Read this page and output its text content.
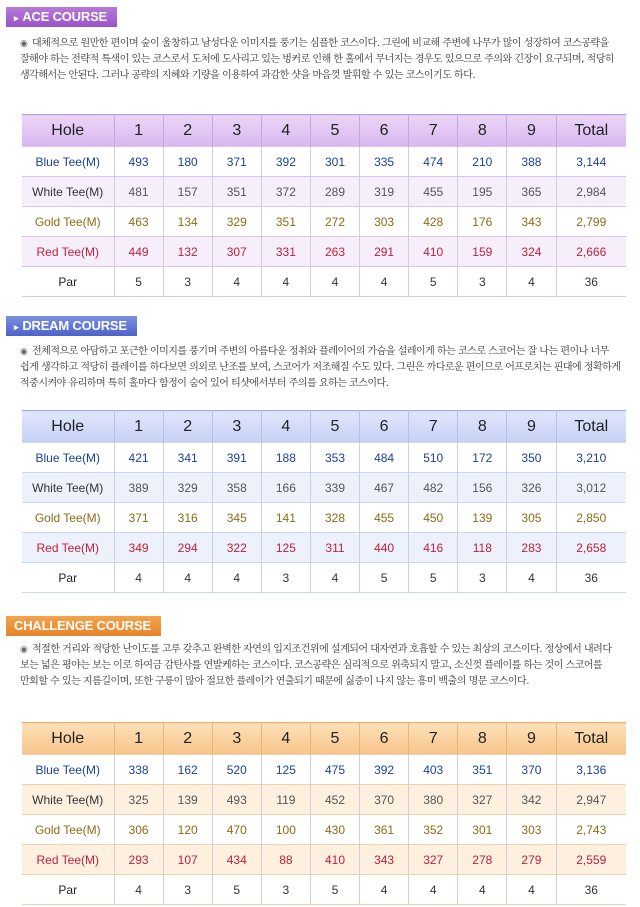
▸ ACE COURSE
◉ 대체적으로 원만한 편이며 숲이 울창하고 남성다운 이미지를 풍기는 심플한 코스이다. 그린에 비교해 주변에 나무가 많이 성장하여 코스공략을 잘해야 하는 전략적 특색이 있는 코스로서 도처에 도사리고 있는 벙커로 인해 한 홀에서 무너지는 경우도 있으므로 주의와 긴장이 요구되며, 적당히 생각해서는 안된다. 그러나 공략의 지혜와 기량을 이용하여 과감한 샷을 마음껏 발휘할 수 있는 코스이기도 하다.
Hole	1	2	3	4	5	6	7	8	9	Total
Blue Tee(M)	493	180	371	392	301	335	474	210	388	3,144
White Tee(M)	481	157	351	372	289	319	455	195	365	2,984
Gold Tee(M)	463	134	329	351	272	303	428	176	343	2,799
Red Tee(M)	449	132	307	331	263	291	410	159	324	2,666
Par	5	3	4	4	4	4	5	3	4	36
▸ DREAM COURSE
◉ 전체적으로 아담하고 포근한 이미지를 풍기며 주변의 아름다운 정취와 플레이어의 가슴을 설레이게 하는 코스로 스코어는 잘 나는 편이나 너무 쉽게 생각하고 적당히 플레이를 하다보면 의외로 난조를 보여, 스코어가 저조해질 수도 있다. 그린은 까다로운 편이므로 어프로치는 핀대에 정확하게 적중시켜야 유리하며 특히 홀마다 함정이 숨어 있어 티샷에서부터 주의를 요하는 코스이다.
Hole	1	2	3	4	5	6	7	8	9	Total
Blue Tee(M)	421	341	391	188	353	484	510	172	350	3,210
White Tee(M)	389	329	358	166	339	467	482	156	326	3,012
Gold Tee(M)	371	316	345	141	328	455	450	139	305	2,850
Red Tee(M)	349	294	322	125	311	440	416	118	283	2,658
Par	4	4	4	3	4	5	5	3	4	36
CHALLENGE COURSE
◉ 적절한 거리와 적당한 난이도를 고루 갖추고 완벽한 자연의 입지조건위에 설계되어 대자연과 호흡할 수 있는 최상의 코스이다. 정상에서 내려다 보는 넓은 평야는 보는 이로 하여금 감탄사를 연발케하는 코스이다. 코스공략은 심리적으로 위축되지 말고, 소신껏 플레이를 하는 것이 스코어를 만회할 수 있는 지름길이며, 또한 구릉이 많아 절묘한 플레이가 연출되기 때문에 싫증이 나지 않는 흥미 백출의 명문 코스이다.
Hole	1	2	3	4	5	6	7	8	9	Total
Blue Tee(M)	338	162	520	125	475	392	403	351	370	3,136
White Tee(M)	325	139	493	119	452	370	380	327	342	2,947
Gold Tee(M)	306	120	470	100	430	361	352	301	303	2,743
Red Tee(M)	293	107	434	88	410	343	327	278	279	2,559
Par	4	3	5	3	5	4	4	4	4	36
